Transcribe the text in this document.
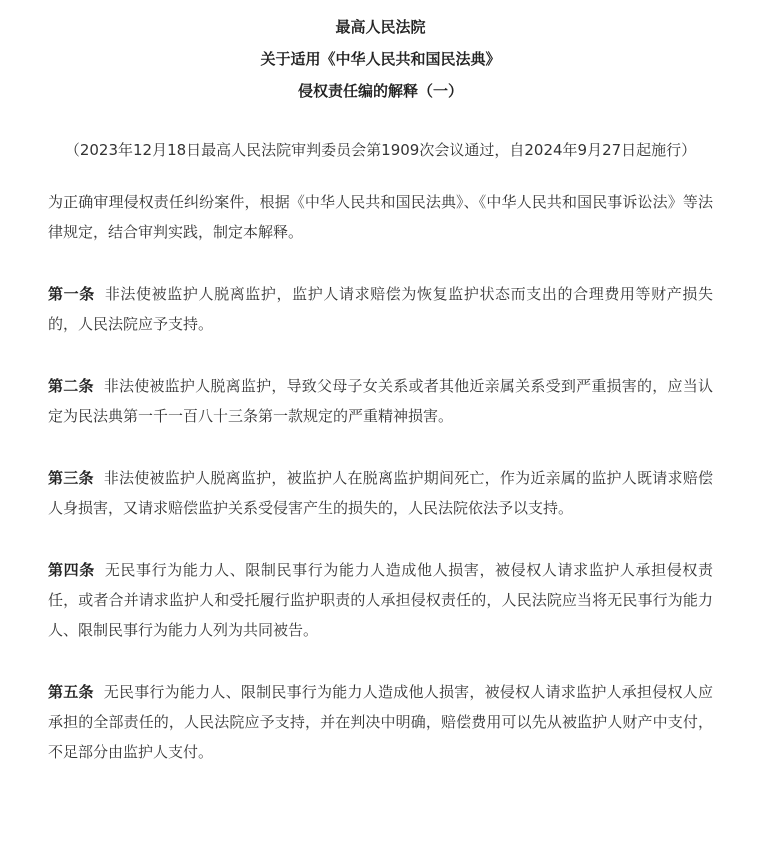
最高人民法院
关于适用《中华人民共和国民法典》
侵权责任编的解释（一）
（2023年12月18日最高人民法院审判委员会第1909次会议通过，自2024年9月27日起施行）

为正确审理侵权责任纠纷案件，根据《中华人民共和国民法典》、《中华人民共和国民事诉讼法》等法律规定，结合审判实践，制定本解释。

第一条 非法使被监护人脱离监护，监护人请求赔偿为恢复监护状态而支出的合理费用等财产损失的，人民法院应予支持。

第二条 非法使被监护人脱离监护，导致父母子女关系或者其他近亲属关系受到严重损害的，应当认定为民法典第一千一百八十三条第一款规定的严重精神损害。

第三条 非法使被监护人脱离监护，被监护人在脱离监护期间死亡，作为近亲属的监护人既请求赔偿人身损害，又请求赔偿监护关系受侵害产生的损失的，人民法院依法予以支持。

第四条 无民事行为能力人、限制民事行为能力人造成他人损害，被侵权人请求监护人承担侵权责任，或者合并请求监护人和受托履行监护职责的人承担侵权责任的，人民法院应当将无民事行为能力人、限制民事行为能力人列为共同被告。

第五条 无民事行为能力人、限制民事行为能力人造成他人损害，被侵权人请求监护人承担侵权人应承担的全部责任的，人民法院应予支持，并在判决中明确，赔偿费用可以先从被监护人财产中支付，不足部分由监护人支付。
